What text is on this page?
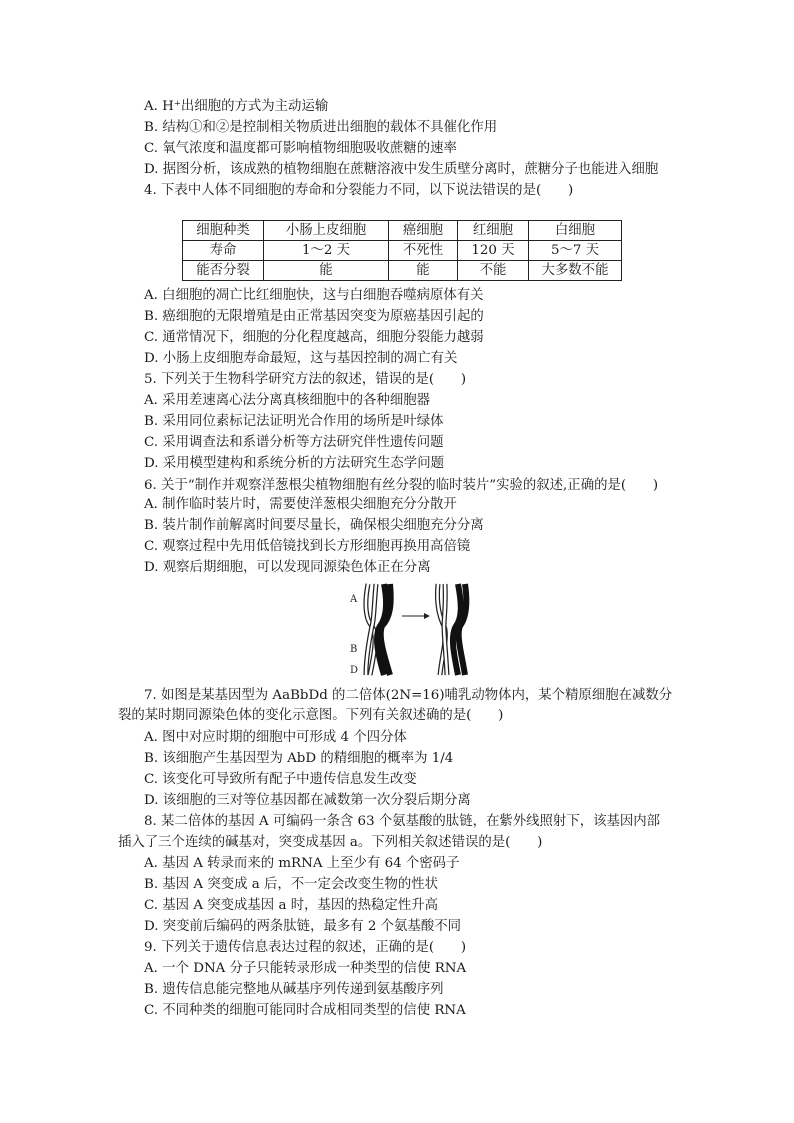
A. H⁺出细胞的方式为主动运输
B. 结构①和②是控制相关物质进出细胞的载体不具催化作用
C. 氧气浓度和温度都可影响植物细胞吸收蔗糖的速率
D. 据图分析，该成熟的植物细胞在蔗糖溶液中发生质壁分离时，蔗糖分子也能进入细胞
4. 下表中人体不同细胞的寿命和分裂能力不同，以下说法错误的是(　　)
细胞种类	小肠上皮细胞	癌细胞	红细胞	白细胞
寿命	1～2 天	不死性	120 天	5～7 天
能否分裂	能	能	不能	大多数不能
A. 白细胞的凋亡比红细胞快，这与白细胞吞噬病原体有关
B. 癌细胞的无限增殖是由正常基因突变为原癌基因引起的
C. 通常情况下，细胞的分化程度越高，细胞分裂能力越弱
D. 小肠上皮细胞寿命最短，这与基因控制的凋亡有关
5. 下列关于生物科学研究方法的叙述，错误的是(　　)
A. 采用差速离心法分离真核细胞中的各种细胞器
B. 采用同位素标记法证明光合作用的场所是叶绿体
C. 采用调查法和系谱分析等方法研究伴性遗传问题
D. 采用模型建构和系统分析的方法研究生态学问题
6. 关于“制作并观察洋葱根尖植物细胞有丝分裂的临时装片”实验的叙述,正确的是(　　)
A. 制作临时装片时，需要使洋葱根尖细胞充分分散开
B. 装片制作前解离时间要尽量长，确保根尖细胞充分分离
C. 观察过程中先用低倍镜找到长方形细胞再换用高倍镜
D. 观察后期细胞，可以发现同源染色体正在分离
A
B
D
7. 如图是某基因型为 AaBbDd 的二倍体(2N=16)哺乳动物体内，某个精原细胞在减数分
裂的某时期同源染色体的变化示意图。下列有关叙述确的是(　　)
A. 图中对应时期的细胞中可形成 4 个四分体
B. 该细胞产生基因型为 AbD 的精细胞的概率为 1/4
C. 该变化可导致所有配子中遗传信息发生改变
D. 该细胞的三对等位基因都在减数第一次分裂后期分离
8. 某二倍体的基因 A 可编码一条含 63 个氨基酸的肽链，在紫外线照射下，该基因内部
插入了三个连续的碱基对，突变成基因 a。下列相关叙述错误的是(　　)
A. 基因 A 转录而来的 mRNA 上至少有 64 个密码子
B. 基因 A 突变成 a 后，不一定会改变生物的性状
C. 基因 A 突变成基因 a 时，基因的热稳定性升高
D. 突变前后编码的两条肽链，最多有 2 个氨基酸不同
9. 下列关于遗传信息表达过程的叙述，正确的是(　　)
A. 一个 DNA 分子只能转录形成一种类型的信使 RNA
B. 遗传信息能完整地从碱基序列传递到氨基酸序列
C. 不同种类的细胞可能同时合成相同类型的信使 RNA
